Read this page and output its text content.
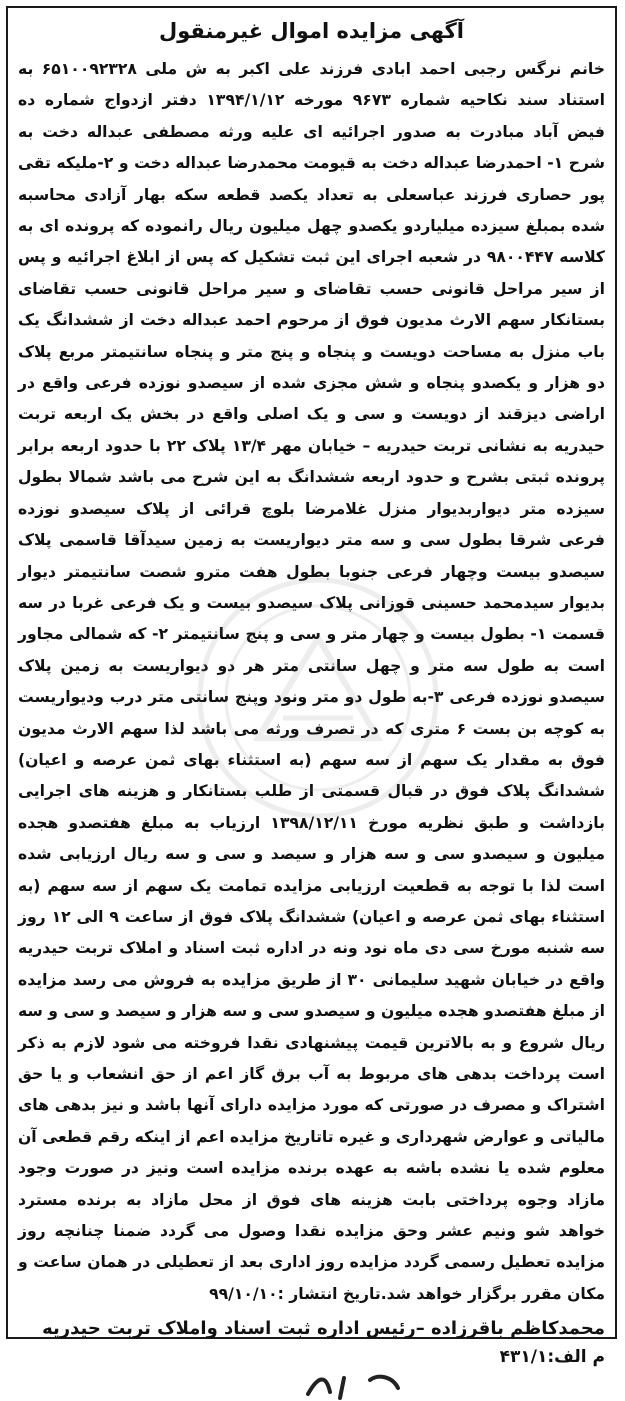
آگهی مزایده اموال غیرمنقول

خانم نرگس رجبی احمد ابادی فرزند علی اکبر به ش ملی ۶۵۱۰۰۹۲۳۲۸ به استناد سند نکاحیه شماره ۹۶۷۳ مورخه ۱۳۹۴/۱/۱۲ دفتر ازدواج شماره ده فیض آباد مبادرت به صدور اجرائیه ای علیه ورثه مصطفی عبداله دخت به شرح ۱- احمدرضا عبداله دخت به قیومت محمدرضا عبداله دخت و ۲-ملیکه تقی پور حصاری فرزند عباسعلی به تعداد یکصد قطعه سکه بهار آزادی محاسبه شده بمبلغ سیزده میلیاردو یکصدو چهل میلیون ریال رانموده که پرونده ای به کلاسه ۹۸۰۰۴۴۷ در شعبه اجرای این ثبت تشکیل که پس از ابلاغ اجرائیه و پس از سیر مراحل قانونی حسب تقاضای و سیر مراحل قانونی حسب تقاضای بستانکار سهم الارث مدیون فوق از مرحوم احمد عبداله دخت از ششدانگ یک باب منزل به مساحت دویست و پنجاه و پنج متر و پنجاه سانتیمتر مربع پلاک دو هزار و یکصدو پنجاه و شش مجزی شده از سیصدو نوزده فرعی واقع در اراضی دیزقند از دویست و سی و یک اصلی واقع در بخش یک اربعه تربت حیدریه به نشانی تربت حیدریه – خیابان مهر ۱۳/۴ پلاک ۲۲ با حدود اربعه برابر پرونده ثبتی بشرح و حدود اربعه ششدانگ به این شرح می باشد شمالا بطول سیزده متر دیواربدیوار منزل غلامرضا بلوچ قرائی از پلاک سیصدو نوزده فرعی شرقا بطول سی و سه متر دیواریست به زمین سیدآقا قاسمی پلاک سیصدو بیست وچهار فرعی جنوبا بطول هفت مترو شصت سانتیمتر دیوار بدیوار سیدمحمد حسینی قوزانی پلاک سیصدو بیست و یک فرعی غربا در سه قسمت ۱- بطول بیست و چهار متر و سی و پنج سانتیمتر ۲- که شمالی مجاور است به طول سه متر و چهل سانتی متر هر دو دیواریست به زمین پلاک سیصدو نوزده فرعی ۳-به طول دو متر ونود وپنج سانتی متر درب ودیواریست به کوچه بن بست ۶ متری که در تصرف ورثه می باشد لذا سهم الارث مدیون فوق به مقدار یک سهم از سه سهم (به استثناء بهای ثمن عرصه و اعیان) ششدانگ پلاک فوق در قبال قسمتی از طلب بستانکار و هزینه های اجرایی بازداشت و طبق نظریه مورخ ۱۳۹۸/۱۲/۱۱ ارزیاب به مبلغ هفتصدو هجده میلیون و سیصدو سی و سه هزار و سیصد و سی و سه ریال ارزیابی شده است لذا با توجه به قطعیت ارزیابی مزایده تمامت یک سهم از سه سهم (به استثناء بهای ثمن عرصه و اعیان) ششدانگ پلاک فوق از ساعت ۹ الی ۱۲ روز سه شنبه مورخ سی دی ماه نود ونه در اداره ثبت اسناد و املاک تربت حیدریه واقع در خیابان شهید سلیمانی ۳۰ از طریق مزایده به فروش می رسد مزایده از مبلغ هفتصدو هجده میلیون و سیصدو سی و سه هزار و سیصد و سی و سه ریال شروع و به بالاترین قیمت پیشنهادی نقدا فروخته می شود لازم به ذکر است پرداخت بدهی های مربوط به آب برق گاز اعم از حق انشعاب و یا حق اشتراک و مصرف در صورتی که مورد مزایده دارای آنها باشد و نیز بدهی های مالیاتی و عوارض شهرداری و غیره تاتاریخ مزایده اعم از اینکه رقم قطعی آن معلوم شده یا نشده باشه به عهده برنده مزایده است ونیز در صورت وجود مازاد وجوه پرداختی بابت هزینه های فوق از محل مازاد به برنده مسترد خواهد شو ونیم عشر وحق مزایده نقدا وصول می گردد ضمنا چنانچه روز مزایده تعطیل رسمی گردد مزایده روز اداری بعد از تعطیلی در همان ساعت و مکان مقرر برگزار خواهد شد.تاریخ انتشار :۹۹/۱۰/۱۰

محمدکاظم باقرزاده –رئیس اداره ثبت اسناد واملاک تربت حیدریه
م الف:۴۳۱/۱
